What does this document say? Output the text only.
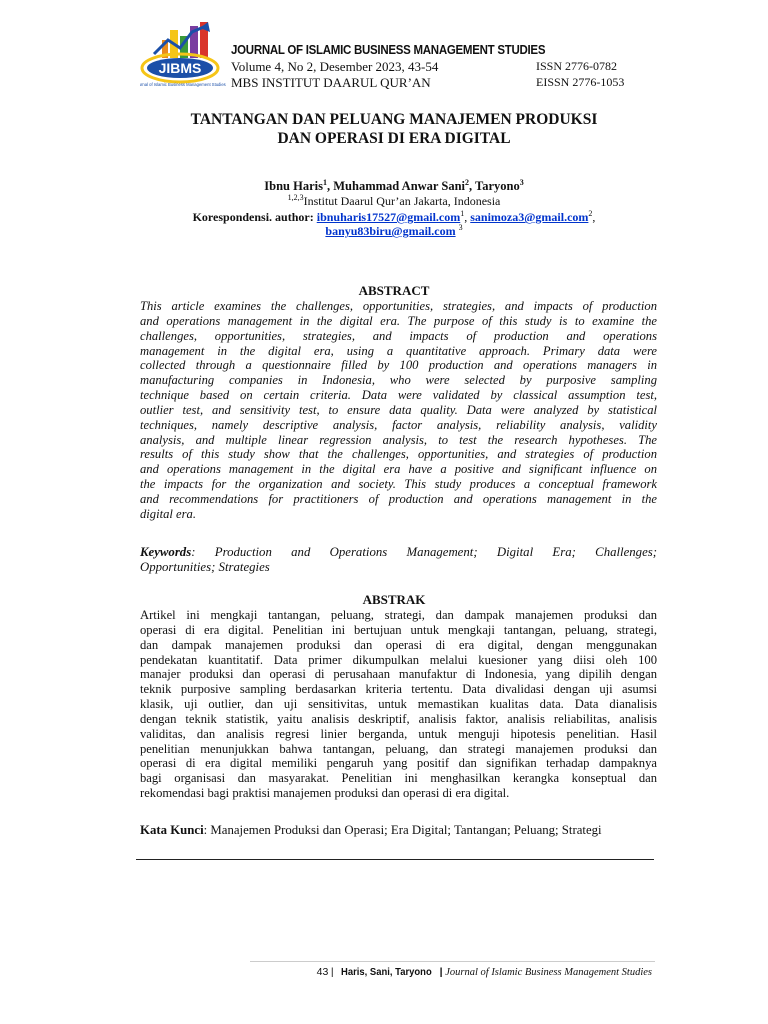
JIBMS
Journal of Islamic Business Management Studies
JOURNAL OF ISLAMIC BUSINESS MANAGEMENT STUDIES
Volume 4, No 2, Desember 2023, 43-54
MBS INSTITUT DAARUL QUR’AN
ISSN 2776-0782
EISSN 2776-1053
TANTANGAN DAN PELUANG MANAJEMEN PRODUKSI
DAN OPERASI DI ERA DIGITAL
Ibnu Haris$^1$, Muhammad Anwar Sani$^2$, Taryono$^3$
$^{1,2,3}$Institut Daarul Qur’an Jakarta, Indonesia
Korespondensi. author: ibnuharis17527@gmail.com$^1$, sanimoza3@gmail.com$^2$,
banyu83biru@gmail.com $^3$
ABSTRACT
This article examines the challenges, opportunities, strategies, and impacts of production
and operations management in the digital era. The purpose of this study is to examine the
challenges, opportunities, strategies, and impacts of production and operations
management in the digital era, using a quantitative approach. Primary data were
collected through a questionnaire filled by 100 production and operations managers in
manufacturing companies in Indonesia, who were selected by purposive sampling
technique based on certain criteria. Data were validated by classical assumption test,
outlier test, and sensitivity test, to ensure data quality. Data were analyzed by statistical
techniques, namely descriptive analysis, factor analysis, reliability analysis, validity
analysis, and multiple linear regression analysis, to test the research hypotheses. The
results of this study show that the challenges, opportunities, and strategies of production
and operations management in the digital era have a positive and significant influence on
the impacts for the organization and society. This study produces a conceptual framework
and recommendations for practitioners of production and operations management in the
digital era.
Keywords: Production and Operations Management; Digital Era; Challenges;
Opportunities; Strategies
ABSTRAK
Artikel ini mengkaji tantangan, peluang, strategi, dan dampak manajemen produksi dan
operasi di era digital. Penelitian ini bertujuan untuk mengkaji tantangan, peluang, strategi,
dan dampak manajemen produksi dan operasi di era digital, dengan menggunakan
pendekatan kuantitatif. Data primer dikumpulkan melalui kuesioner yang diisi oleh 100
manajer produksi dan operasi di perusahaan manufaktur di Indonesia, yang dipilih dengan
teknik purposive sampling berdasarkan kriteria tertentu. Data divalidasi dengan uji asumsi
klasik, uji outlier, dan uji sensitivitas, untuk memastikan kualitas data. Data dianalisis
dengan teknik statistik, yaitu analisis deskriptif, analisis faktor, analisis reliabilitas, analisis
validitas, dan analisis regresi linier berganda, untuk menguji hipotesis penelitian. Hasil
penelitian menunjukkan bahwa tantangan, peluang, dan strategi manajemen produksi dan
operasi di era digital memiliki pengaruh yang positif dan signifikan terhadap dampaknya
bagi organisasi dan masyarakat. Penelitian ini menghasilkan kerangka konseptual dan
rekomendasi bagi praktisi manajemen produksi dan operasi di era digital.
Kata Kunci: Manajemen Produksi dan Operasi; Era Digital; Tantangan; Peluang; Strategi
43 | Haris, Sani, Taryono | Journal of Islamic Business Management Studies
